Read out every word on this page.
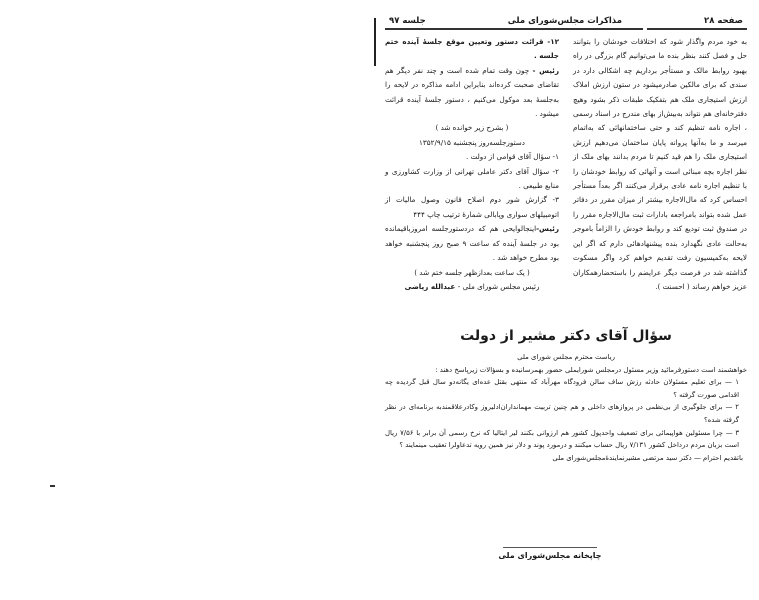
صفحه ۲۸
مذاکرات مجلس‌شورای ملی
جلسه ۹۷

به خود مردم واگذار شود که اختلافات خودشان را بتوانند حل و فصل کنند بنظر بنده ما می‌توانیم گام بزرگی در راه بهبود روابط مالک و مستأجر برداریم چه اشکالی دارد در سندی که برای مالکین صادرمیشود در ستون ارزش املاک ارزش استیجاری ملک هم بتفکیک طبقات ذکر بشود وهیچ دفترخانه‌ای هم نتواند به‌بیش‌از بهای مندرج در اسناد رسمی ، اجاره نامه تنظیم کند و حتی ساختمانهائی که به‌اتمام میرسد و ما به‌آنها پروانه پایان ساختمان می‌دهیم ارزش استیجاری ملک را هم قید کنیم تا مردم بدانند بهای ملک از نظر اجاره بچه مبنائی است و آنهائی که روابط خودشان را با تنظیم اجاره نامه عادی برقرار می‌کنند اگر بعداً مستأجر احساس کرد که مال‌الاجاره بیشتر از میزان مقرر در دفاتر عمل شده بتواند بامراجعه بادارات ثبت مال‌الاجاره مقرر را در صندوق ثبت تودیع کند و روابط خودش را الزاماً باموجر به‌حالت عادی نگهدارد بنده پیشنهادهائی دارم که اگر این لایحه به‌کمیسیون رفت تقدیم خواهم کرد واگر مسکوت گذاشته شد در فرصت دیگر عرایضم را باستحضارهمکاران عزیز خواهم رساند ( احسنت ).

۱۲- قرائت دستور وتعیین موقع جلسهٔ آینده ختم جلسه .

رئیس - چون وقت تمام شده است و چند نفر دیگر هم تقاضای صحبت کرده‌اند بنابراین ادامه مذاکره در لایحه را به‌جلسهٔ بعد موکول می‌کنیم ، دستور جلسهٔ آینده قرائت میشود .

( بشرح زیر خوانده شد )

دستورجلسه‌روز پنجشنبه ۱۳۵۲/۹/۱۵

۱- سؤال آقای قوامی از دولت .

۲- سؤال آقای دکتر عاملی تهرانی از وزارت کشاورزی و منابع طبیعی .

۳- گزارش شور دوم اصلاح قانون وصول مالیات از اتومبیلهای سواری وپابالی شمارهٔ ترتیب چاپ ۴۴۴

رئیس-اینجالوایحی هم که دردستورجلسه امروزباقیمانده بود در جلسهٔ آینده که ساعت ۹ صبح روز پنجشنبه خواهد بود مطرح خواهد شد .

( یک ساعت بعدازظهر جلسه ختم شد )

رئیس مجلس شورای ملی - عبدالله ریاضی

سؤال آقای دکتر مشیر از دولت

ریاست محترم مجلس شورای ملی

خواهشمند است دستورفرمائید وزیر مسئول درمجلس شورایملی حضور بهمرسانیده و بسؤالات زیرپاسخ دهند :

۱ — برای تعلیم مسئولان حادثه رزش ساف سالن فرودگاه مهرآباد که منتهی بقتل عده‌ای یگانه‌دو سال قبل گردیده چه اقدامی صورت گرفته ؟

۲ — برای جلوگیری از بی‌نظمی در پروازهای داخلی و هم چنین تربیت مهمانداران‌ادلیروز وکادرعلاقمندبه برنامه‌ای در نظر گرفته شده؟

۳ — چرا مسئولین هواپیمائی برای تضعیف واحدپول کشور هم ارزوانی بکنند لیر ایتالیا که نرخ رسمی آن برابر با ۷/۵۶ ریال است بزبان مردم درداخل کشور ۷/۱۳۱ ریال حساب میکنند و درمورد پوند و دلار نیز همین رویه تدعاولرا تعقیب مینمایند ؟

باتقدیم احترام — دکتر سید مرتضی مشیرنمایندهٔ‌مجلس‌شورای ملی

چاپخانه مجلس‌شورای ملی
